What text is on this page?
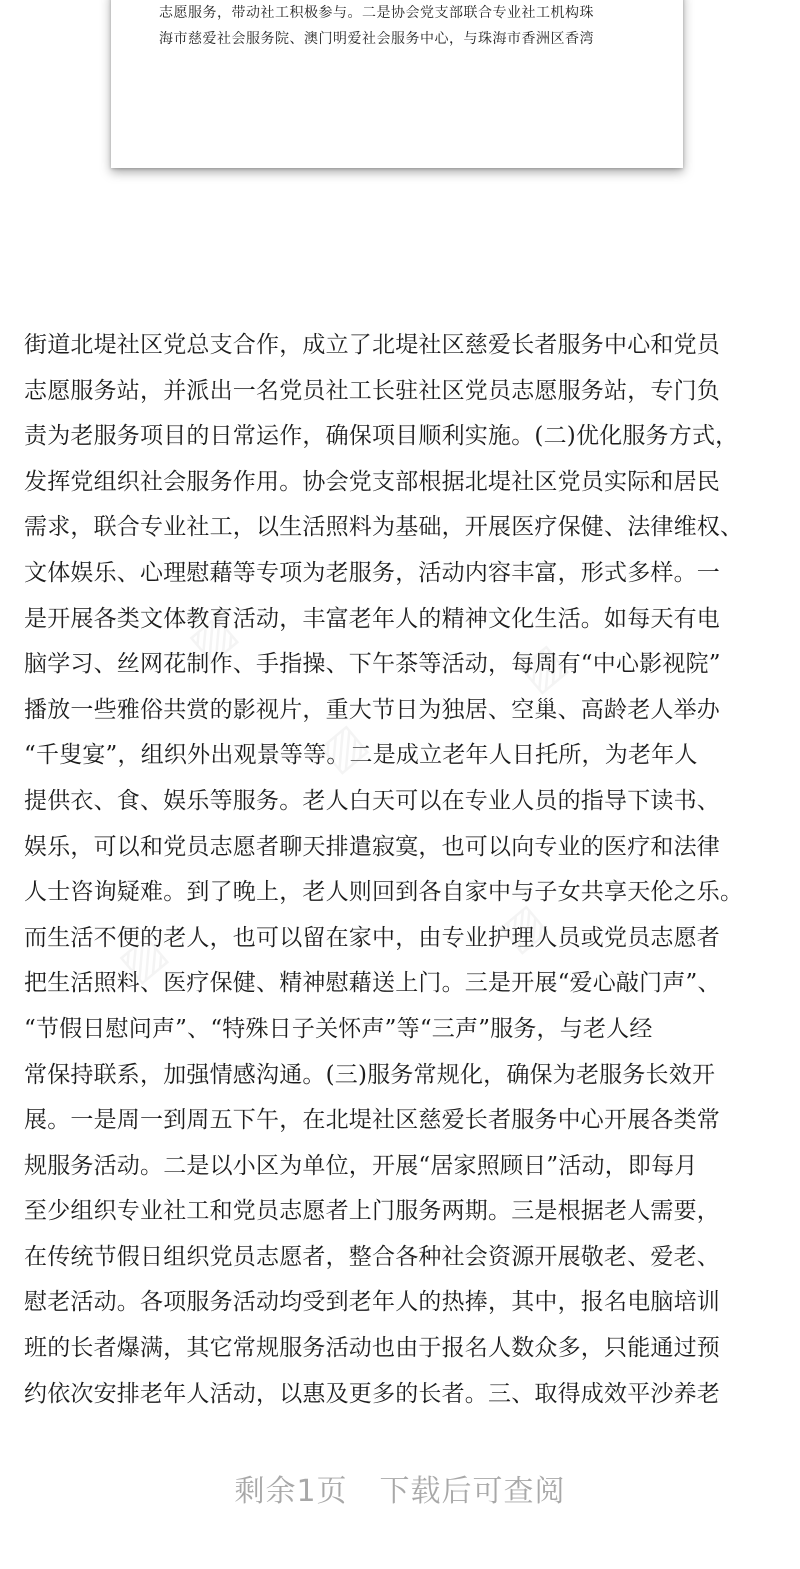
志愿服务，带动社工积极参与。二是协会党支部联合专业社工机构珠
海市慈爱社会服务院、澳门明爱社会服务中心，与珠海市香洲区香湾
街道北堤社区党总支合作，成立了北堤社区慈爱长者服务中心和党员
志愿服务站，并派出一名党员社工长驻社区党员志愿服务站，专门负
责为老服务项目的日常运作，确保项目顺利实施。(二)优化服务方式，
发挥党组织社会服务作用。协会党支部根据北堤社区党员实际和居民
需求，联合专业社工，以生活照料为基础，开展医疗保健、法律维权、
文体娱乐、心理慰藉等专项为老服务，活动内容丰富，形式多样。一
是开展各类文体教育活动，丰富老年人的精神文化生活。如每天有电
脑学习、丝网花制作、手指操、下午茶等活动，每周有“中心影视院”
播放一些雅俗共赏的影视片，重大节日为独居、空巢、高龄老人举办
“千叟宴”，组织外出观景等等。二是成立老年人日托所，为老年人
提供衣、食、娱乐等服务。老人白天可以在专业人员的指导下读书、
娱乐，可以和党员志愿者聊天排遣寂寞，也可以向专业的医疗和法律
人士咨询疑难。到了晚上，老人则回到各自家中与子女共享天伦之乐。
而生活不便的老人，也可以留在家中，由专业护理人员或党员志愿者
把生活照料、医疗保健、精神慰藉送上门。三是开展“爱心敲门声”、
“节假日慰问声”、“特殊日子关怀声”等“三声”服务，与老人经
常保持联系，加强情感沟通。(三)服务常规化，确保为老服务长效开
展。一是周一到周五下午，在北堤社区慈爱长者服务中心开展各类常
规服务活动。二是以小区为单位，开展“居家照顾日”活动，即每月
至少组织专业社工和党员志愿者上门服务两期。三是根据老人需要，
在传统节假日组织党员志愿者，整合各种社会资源开展敬老、爱老、
慰老活动。各项服务活动均受到老年人的热捧，其中，报名电脑培训
班的长者爆满，其它常规服务活动也由于报名人数众多，只能通过预
约依次安排老年人活动，以惠及更多的长者。三、取得成效平沙养老
剩余1页 下载后可查阅
